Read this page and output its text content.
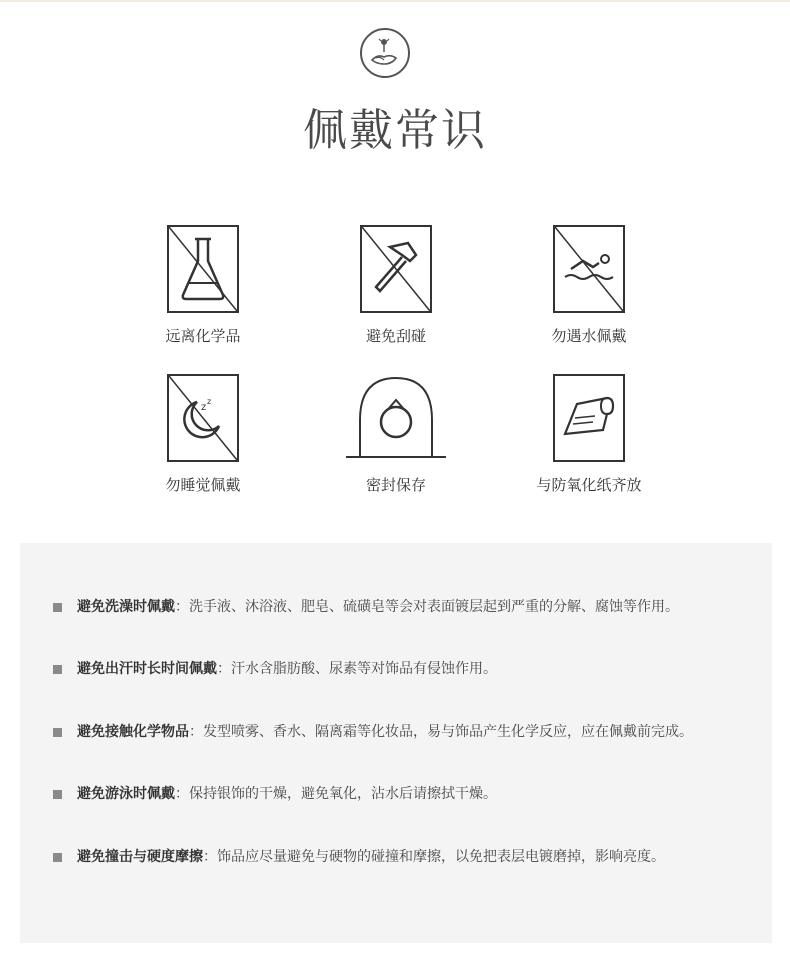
佩戴常识
远离化学品	避免刮碰	勿遇水佩戴
z
z
勿睡觉佩戴	密封保存	与防氧化纸齐放
避免洗澡时佩戴：洗手液、沐浴液、肥皂、硫磺皂等会对表面镀层起到严重的分解、腐蚀等作用。
避免出汗时长时间佩戴：汗水含脂肪酸、尿素等对饰品有侵蚀作用。
避免接触化学物品：发型喷雾、香水、隔离霜等化妆品，易与饰品产生化学反应，应在佩戴前完成。
避免游泳时佩戴：保持银饰的干燥，避免氧化，沾水后请擦拭干燥。
避免撞击与硬度摩擦：饰品应尽量避免与硬物的碰撞和摩擦，以免把表层电镀磨掉，影响亮度。
